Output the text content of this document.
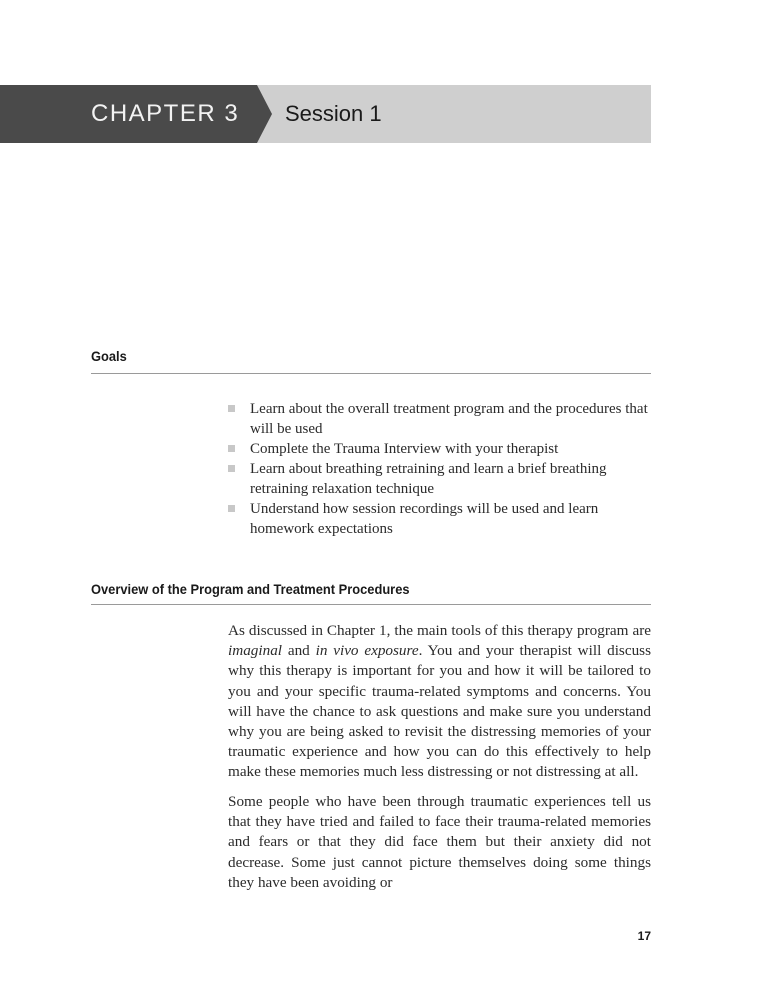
CHAPTER 3 Session 1
Goals
Learn about the overall treatment program and the procedures that will be used
Complete the Trauma Interview with your therapist
Learn about breathing retraining and learn a brief breathing retraining relaxation technique
Understand how session recordings will be used and learn homework expectations
Overview of the Program and Treatment Procedures

As discussed in Chapter 1, the main tools of this therapy program are imaginal and in vivo exposure. You and your therapist will discuss why this therapy is important for you and how it will be tailored to you and your specific trauma-related symptoms and concerns. You will have the chance to ask questions and make sure you understand why you are being asked to revisit the distressing memories of your traumatic experience and how you can do this effectively to help make these memories much less distressing or not distressing at all.

Some people who have been through traumatic experiences tell us that they have tried and failed to face their trauma-related memories and fears or that they did face them but their anxiety did not decrease. Some just cannot picture themselves doing some things they have been avoiding or

17
